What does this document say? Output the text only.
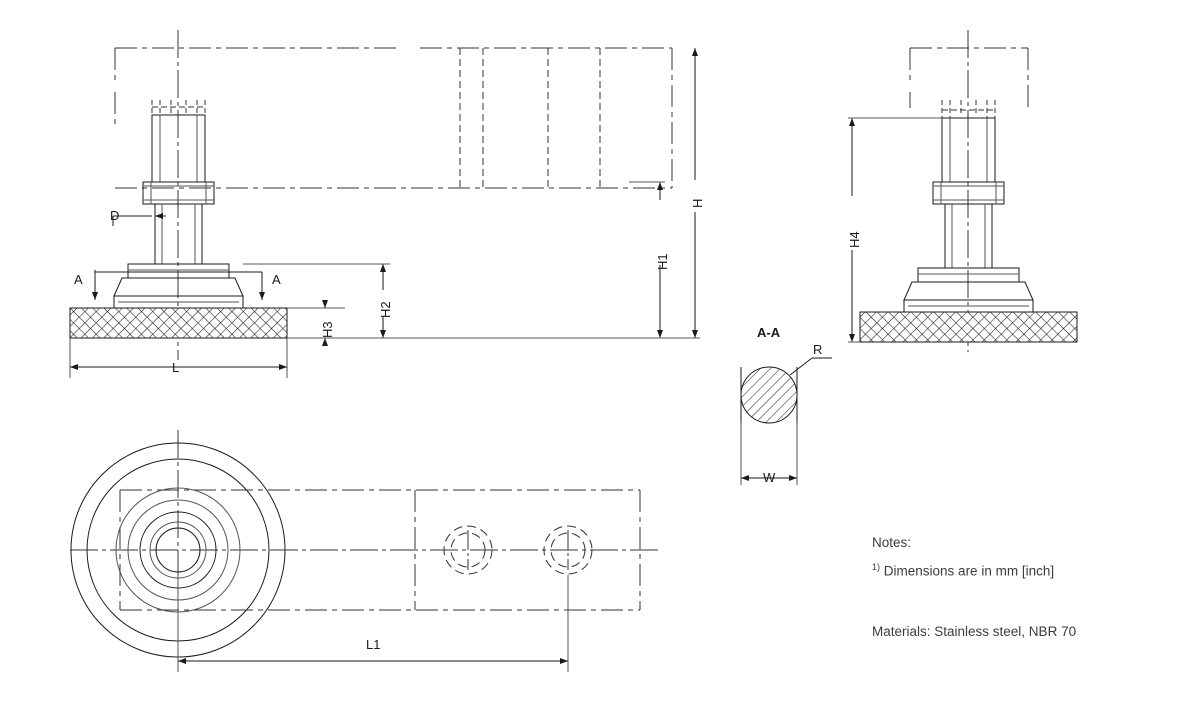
D
A	A
L
H3
H2
H1
H
H4
A-A
R
W
L1
Notes:
$^{1)}$ Dimensions are in mm [inch]
Materials: Stainless steel, NBR 70
